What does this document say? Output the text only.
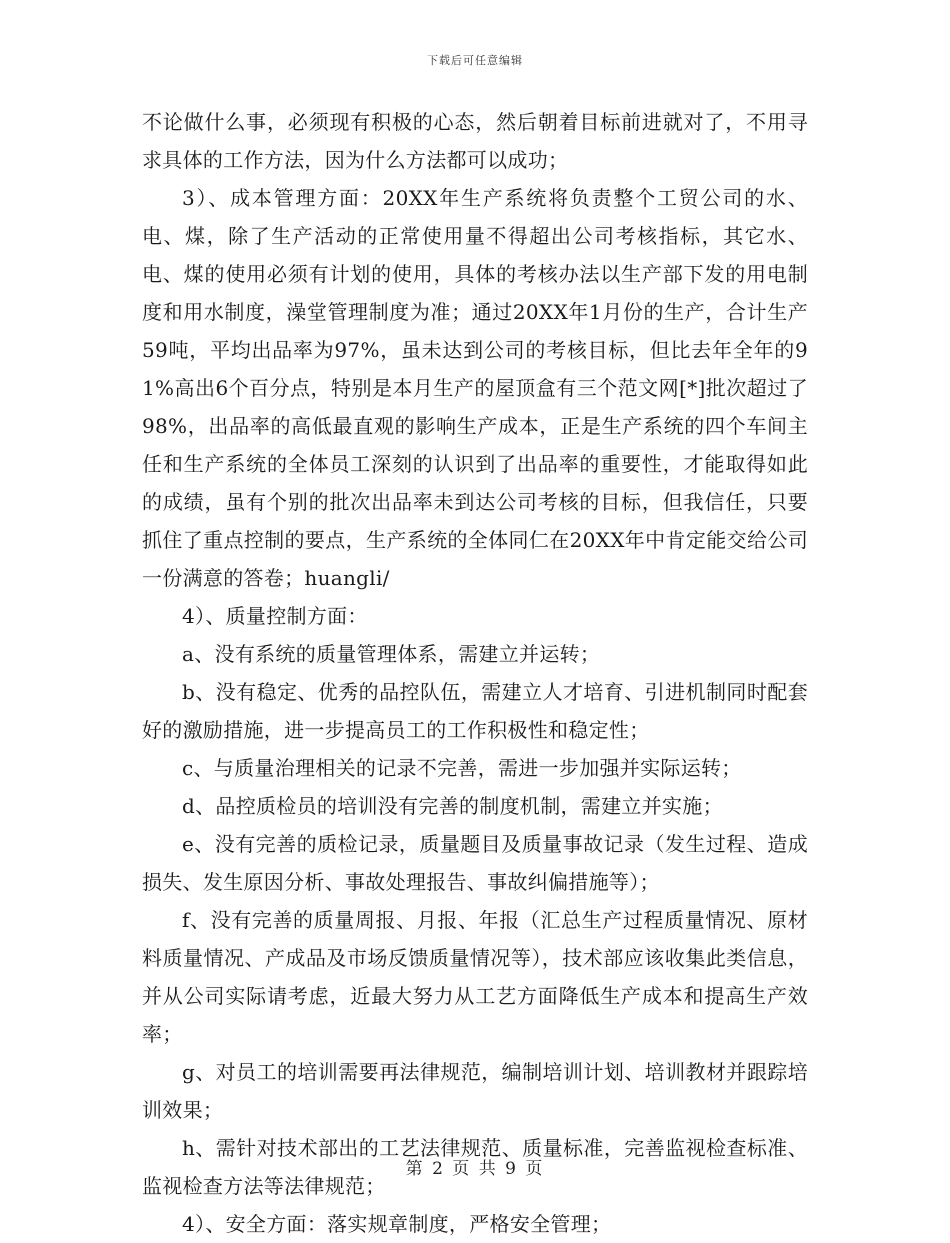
下载后可任意编辑

不论做什么事，必须现有积极的心态，然后朝着目标前进就对了，不用寻求具体的工作方法，因为什么方法都可以成功；

3）、成本管理方面：20XX年生产系统将负责整个工贸公司的水、电、煤，除了生产活动的正常使用量不得超出公司考核指标，其它水、电、煤的使用必须有计划的使用，具体的考核办法以生产部下发的用电制度和用水制度，澡堂管理制度为准；通过20XX年1月份的生产，合计生产59吨，平均出品率为97%，虽未达到公司的考核目标，但比去年全年的91%高出6个百分点，特别是本月生产的屋顶盒有三个范文网[*]批次超过了98%，出品率的高低最直观的影响生产成本，正是生产系统的四个车间主任和生产系统的全体员工深刻的认识到了出品率的重要性，才能取得如此的成绩，虽有个别的批次出品率未到达公司考核的目标，但我信任，只要抓住了重点控制的要点，生产系统的全体同仁在20XX年中肯定能交给公司一份满意的答卷；huangli/

4）、质量控制方面：

a、没有系统的质量管理体系，需建立并运转；

b、没有稳定、优秀的品控队伍，需建立人才培育、引进机制同时配套好的激励措施，进一步提高员工的工作积极性和稳定性；

c、与质量治理相关的记录不完善，需进一步加强并实际运转；

d、品控质检员的培训没有完善的制度机制，需建立并实施；

e、没有完善的质检记录，质量题目及质量事故记录（发生过程、造成损失、发生原因分析、事故处理报告、事故纠偏措施等）；

f、没有完善的质量周报、月报、年报（汇总生产过程质量情况、原材料质量情况、产成品及市场反馈质量情况等），技术部应该收集此类信息，并从公司实际请考虑，近最大努力从工艺方面降低生产成本和提高生产效率；

g、对员工的培训需要再法律规范，编制培训计划、培训教材并跟踪培训效果；

h、需针对技术部出的工艺法律规范、质量标准，完善监视检查标准、监视检查方法等法律规范；

4）、安全方面：落实规章制度，严格安全管理；

第 2 页 共 9 页
